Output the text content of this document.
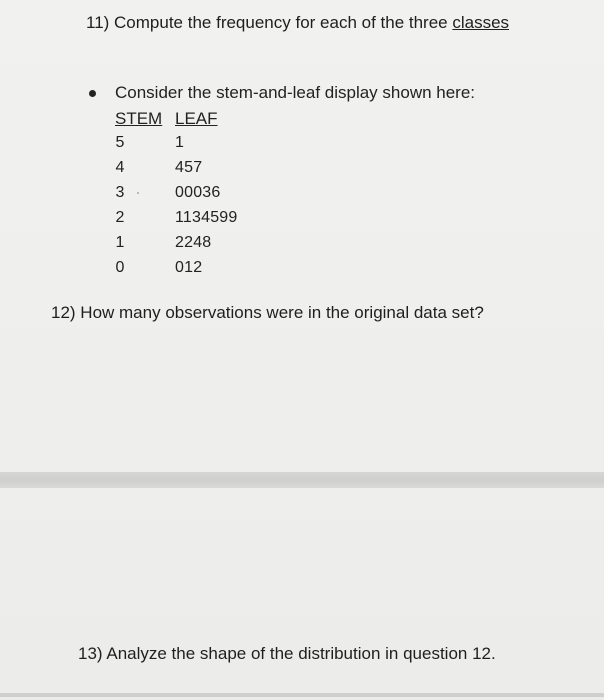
11) Compute the frequency for each of the three classes
Consider the stem-and-leaf display shown here:
STEM LEAF
5	1
4	457
3	00036
2	1134599
1	2248
0	012
12) How many observations were in the original data set?
13) Analyze the shape of the distribution in question 12.
